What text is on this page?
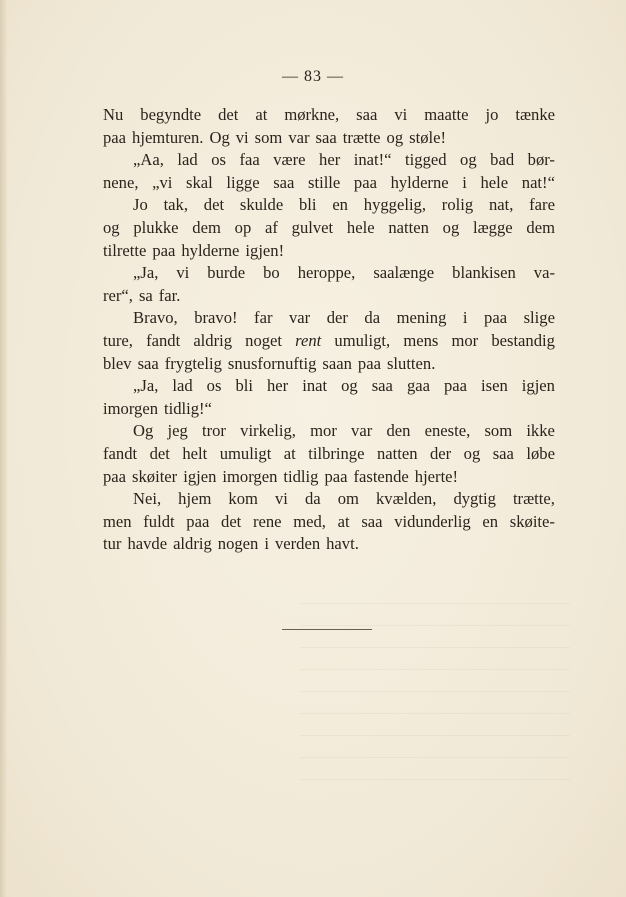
— 83 —
Nu begyndte det at mørkne, saa vi maatte jo tænke
paa hjemturen. Og vi som var saa trætte og støle!
„Aa, lad os faa være her inat!“ tigged og bad bør-
nene, „vi skal ligge saa stille paa hylderne i hele nat!“
Jo tak, det skulde bli en hyggelig, rolig nat, fare
og plukke dem op af gulvet hele natten og lægge dem
tilrette paa hylderne igjen!
„Ja, vi burde bo heroppe, saalænge blankisen va-
rer“, sa far.
Bravo, bravo! far var der da mening i paa slige
ture, fandt aldrig noget rent umuligt, mens mor bestandig
blev saa frygtelig snusfornuftig saan paa slutten.
„Ja, lad os bli her inat og saa gaa paa isen igjen
imorgen tidlig!“
Og jeg tror virkelig, mor var den eneste, som ikke
fandt det helt umuligt at tilbringe natten der og saa løbe
paa skøiter igjen imorgen tidlig paa fastende hjerte!
Nei, hjem kom vi da om kvælden, dygtig trætte,
men fuldt paa det rene med, at saa vidunderlig en skøite-
tur havde aldrig nogen i verden havt.
